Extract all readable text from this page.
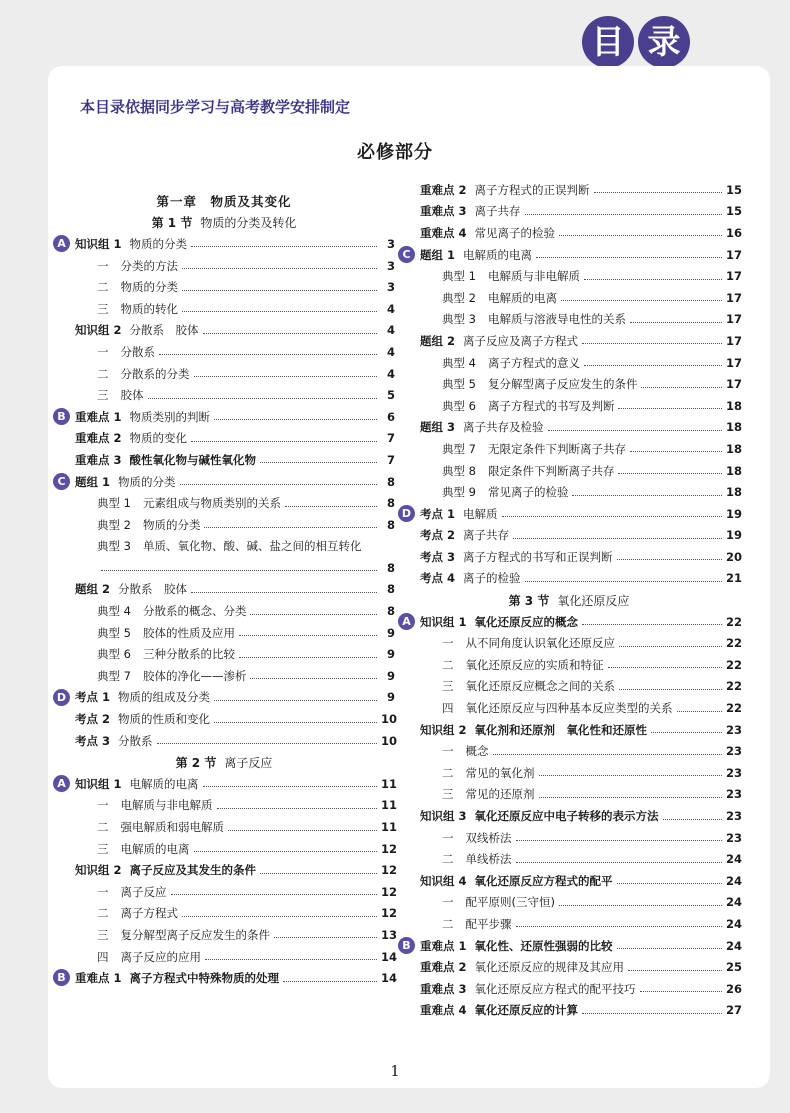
目 录
本目录依据同步学习与高考教学安排制定
必修部分
第一章　物质及其变化
第 1 节 物质的分类及转化
A 知识组 1 物质的分类	3
一 分类的方法	3
二 物质的分类	3
三 物质的转化	4
知识组 2 分散系　胶体	4
一 分散系	4
二 分散系的分类	4
三 胶体	5
B 重难点 1 物质类别的判断	6
重难点 2 物质的变化	7
重难点 3 酸性氧化物与碱性氧化物	7
C 题组 1 物质的分类	8
典型 1 元素组成与物质类别的关系	8
典型 2 物质的分类	8
典型 3 单质、氧化物、酸、碱、盐之间的相互转化
8
题组 2 分散系　胶体	8
典型 4 分散系的概念、分类	8
典型 5 胶体的性质及应用	9
典型 6 三种分散系的比较	9
典型 7 胶体的净化——渗析	9
D 考点 1 物质的组成及分类	9
考点 2 物质的性质和变化	10
考点 3 分散系	10
第 2 节 离子反应
A 知识组 1 电解质的电离	11
一 电解质与非电解质	11
二 强电解质和弱电解质	11
三 电解质的电离	12
知识组 2 离子反应及其发生的条件	12
一 离子反应	12
二 离子方程式	12
三 复分解型离子反应发生的条件	13
四 离子反应的应用	14
B 重难点 1 离子方程式中特殊物质的处理	14
重难点 2 离子方程式的正误判断	15
重难点 3 离子共存	15
重难点 4 常见离子的检验	16
C 题组 1 电解质的电离	17
典型 1 电解质与非电解质	17
典型 2 电解质的电离	17
典型 3 电解质与溶液导电性的关系	17
题组 2 离子反应及离子方程式	17
典型 4 离子方程式的意义	17
典型 5 复分解型离子反应发生的条件	17
典型 6 离子方程式的书写及判断	18
题组 3 离子共存及检验	18
典型 7 无限定条件下判断离子共存	18
典型 8 限定条件下判断离子共存	18
典型 9 常见离子的检验	18
D 考点 1 电解质	19
考点 2 离子共存	19
考点 3 离子方程式的书写和正误判断	20
考点 4 离子的检验	21
第 3 节 氧化还原反应
A 知识组 1 氧化还原反应的概念	22
一 从不同角度认识氧化还原反应	22
二 氧化还原反应的实质和特征	22
三 氧化还原反应概念之间的关系	22
四 氧化还原反应与四种基本反应类型的关系	22
知识组 2 氧化剂和还原剂　氧化性和还原性	23
一 概念	23
二 常见的氧化剂	23
三 常见的还原剂	23
知识组 3 氧化还原反应中电子转移的表示方法	23
一 双线桥法	23
二 单线桥法	24
知识组 4 氧化还原反应方程式的配平	24
一 配平原则(三守恒)	24
二 配平步骤	24
B 重难点 1 氧化性、还原性强弱的比较	24
重难点 2 氧化还原反应的规律及其应用	25
重难点 3 氧化还原反应方程式的配平技巧	26
重难点 4 氧化还原反应的计算	27
1
